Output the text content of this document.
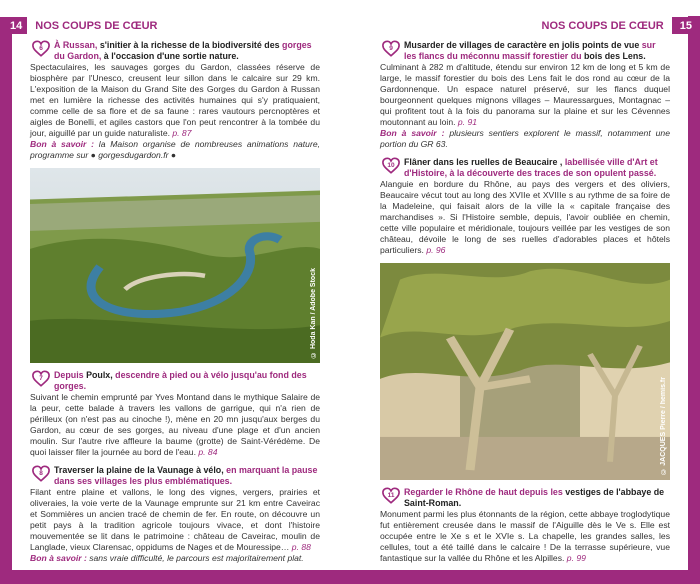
14	NOS COUPS DE CŒUR	NOS COUPS DE CŒUR	15
6	À Russan, s'initier à la richesse de la biodiversité des gorges du Gardon, à l'occasion d'une sortie nature.
Spectaculaires, les sauvages gorges du Gardon, classées réserve de biosphère par l'Unesco, creusent leur sillon dans le calcaire sur 29 km. L'exposition de la Maison du Grand Site des Gorges du Gardon à Russan met en lumière la richesse des activités humaines qui s'y pratiquaient, comme celle de sa flore et de sa faune : rares vautours percnoptères et aigles de Bonelli, et agiles castors que l'on peut rencontrer à la tombée du jour, aiguillé par un guide naturaliste. p. 87
Bon à savoir : la Maison organise de nombreuses animations nature, programme sur ● gorgesdugardon.fr ●
© Hoda Kan / Adobe Stock
7	Depuis Poulx, descendre à pied ou à vélo jusqu'au fond des gorges.
Suivant le chemin emprunté par Yves Montand dans le mythique Salaire de la peur, cette balade à travers les vallons de garrigue, qui n'a rien de périlleux (on n'est pas au cinoche !), mène en 20 mn jusqu'aux berges du Gardon, au cœur de ses gorges, au niveau d'une plage et d'un ancien moulin. Sur l'autre rive affleure la baume (grotte) de Saint-Vérédème. De quoi laisser filer la journée au bord de l'eau. p. 84
8	Traverser la plaine de la Vaunage à vélo, en marquant la pause dans ses villages les plus emblématiques.
Filant entre plaine et vallons, le long des vignes, vergers, prairies et oliveraies, la voie verte de la Vaunage emprunte sur 21 km entre Caveirac et Sommières un ancien tracé de chemin de fer. En route, on découvre un petit pays à la tradition agricole toujours vivace, et dont l'histoire mouvementée se lit dans le patrimoine : château de Caveirac, moulin de Langlade, vieux Clarensac, oppidums de Nages et de Mouressipe… p. 88
Bon à savoir : sans vraie difficulté, le parcours est majoritairement plat.
9	Musarder de villages de caractère en jolis points de vue sur les flancs du méconnu massif forestier du bois des Lens.
Culminant à 282 m d'altitude, étendu sur environ 12 km de long et 5 km de large, le massif forestier du bois des Lens fait le dos rond au cœur de la Gardonnenque. Un espace naturel préservé, sur les flancs duquel bourgeonnent quelques mignons villages – Mauressargues, Montagnac – qui profitent tout à la fois du panorama sur la plaine et sur les Cévennes moutonnant au loin. p. 91
Bon à savoir : plusieurs sentiers explorent le massif, notamment une portion du GR 63.
10	Flâner dans les ruelles de Beaucaire , labellisée ville d'Art et d'Histoire, à la découverte des traces de son opulent passé.
Alanguie en bordure du Rhône, au pays des vergers et des oliviers, Beaucaire vécut tout au long des XVIIe et XVIIIe s au rythme de sa foire de la Madeleine, qui faisait alors de la ville la « capitale française des marchandises ». Si l'Histoire semble, depuis, l'avoir oubliée en chemin, cette ville populaire et méridionale, toujours veillée par les vestiges de son château, dévoile le long de ses ruelles d'adorables places et hôtels particuliers. p. 96
© JACQUES Pierre / hemis.fr
11	Regarder le Rhône de haut depuis les vestiges de l'abbaye de Saint-Roman.
Monument parmi les plus étonnants de la région, cette abbaye troglodytique fut entièrement creusée dans le massif de l'Aiguille dès le Ve s. Elle est occupée entre le Xe s et le XVIe s. La chapelle, les grandes salles, les cellules, tout a été taillé dans le calcaire ! De la terrasse supérieure, vue fantastique sur la vallée du Rhône et les Alpilles. p. 99
